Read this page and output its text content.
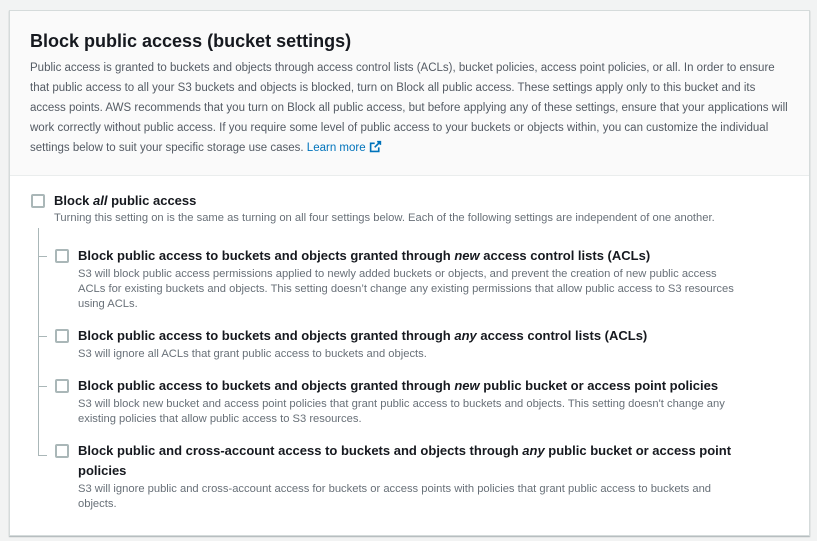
Block public access (bucket settings)
Public access is granted to buckets and objects through access control lists (ACLs), bucket policies, access point policies, or all. In order to ensure that public access to all your S3 buckets and objects is blocked, turn on Block all public access. These settings apply only to this bucket and its access points. AWS recommends that you turn on Block all public access, but before applying any of these settings, ensure that your applications will work correctly without public access. If you require some level of public access to your buckets or objects within, you can customize the individual settings below to suit your specific storage use cases. Learn more
Block all public access
Turning this setting on is the same as turning on all four settings below. Each of the following settings are independent of one another.
Block public access to buckets and objects granted through new access control lists (ACLs)
S3 will block public access permissions applied to newly added buckets or objects, and prevent the creation of new public access
ACLs for existing buckets and objects. This setting doesn’t change any existing permissions that allow public access to S3 resources
using ACLs.
Block public access to buckets and objects granted through any access control lists (ACLs)
S3 will ignore all ACLs that grant public access to buckets and objects.
Block public access to buckets and objects granted through new public bucket or access point policies
S3 will block new bucket and access point policies that grant public access to buckets and objects. This setting doesn't change any
existing policies that allow public access to S3 resources.
Block public and cross-account access to buckets and objects through any public bucket or access point
policies
S3 will ignore public and cross-account access for buckets or access points with policies that grant public access to buckets and
objects.
